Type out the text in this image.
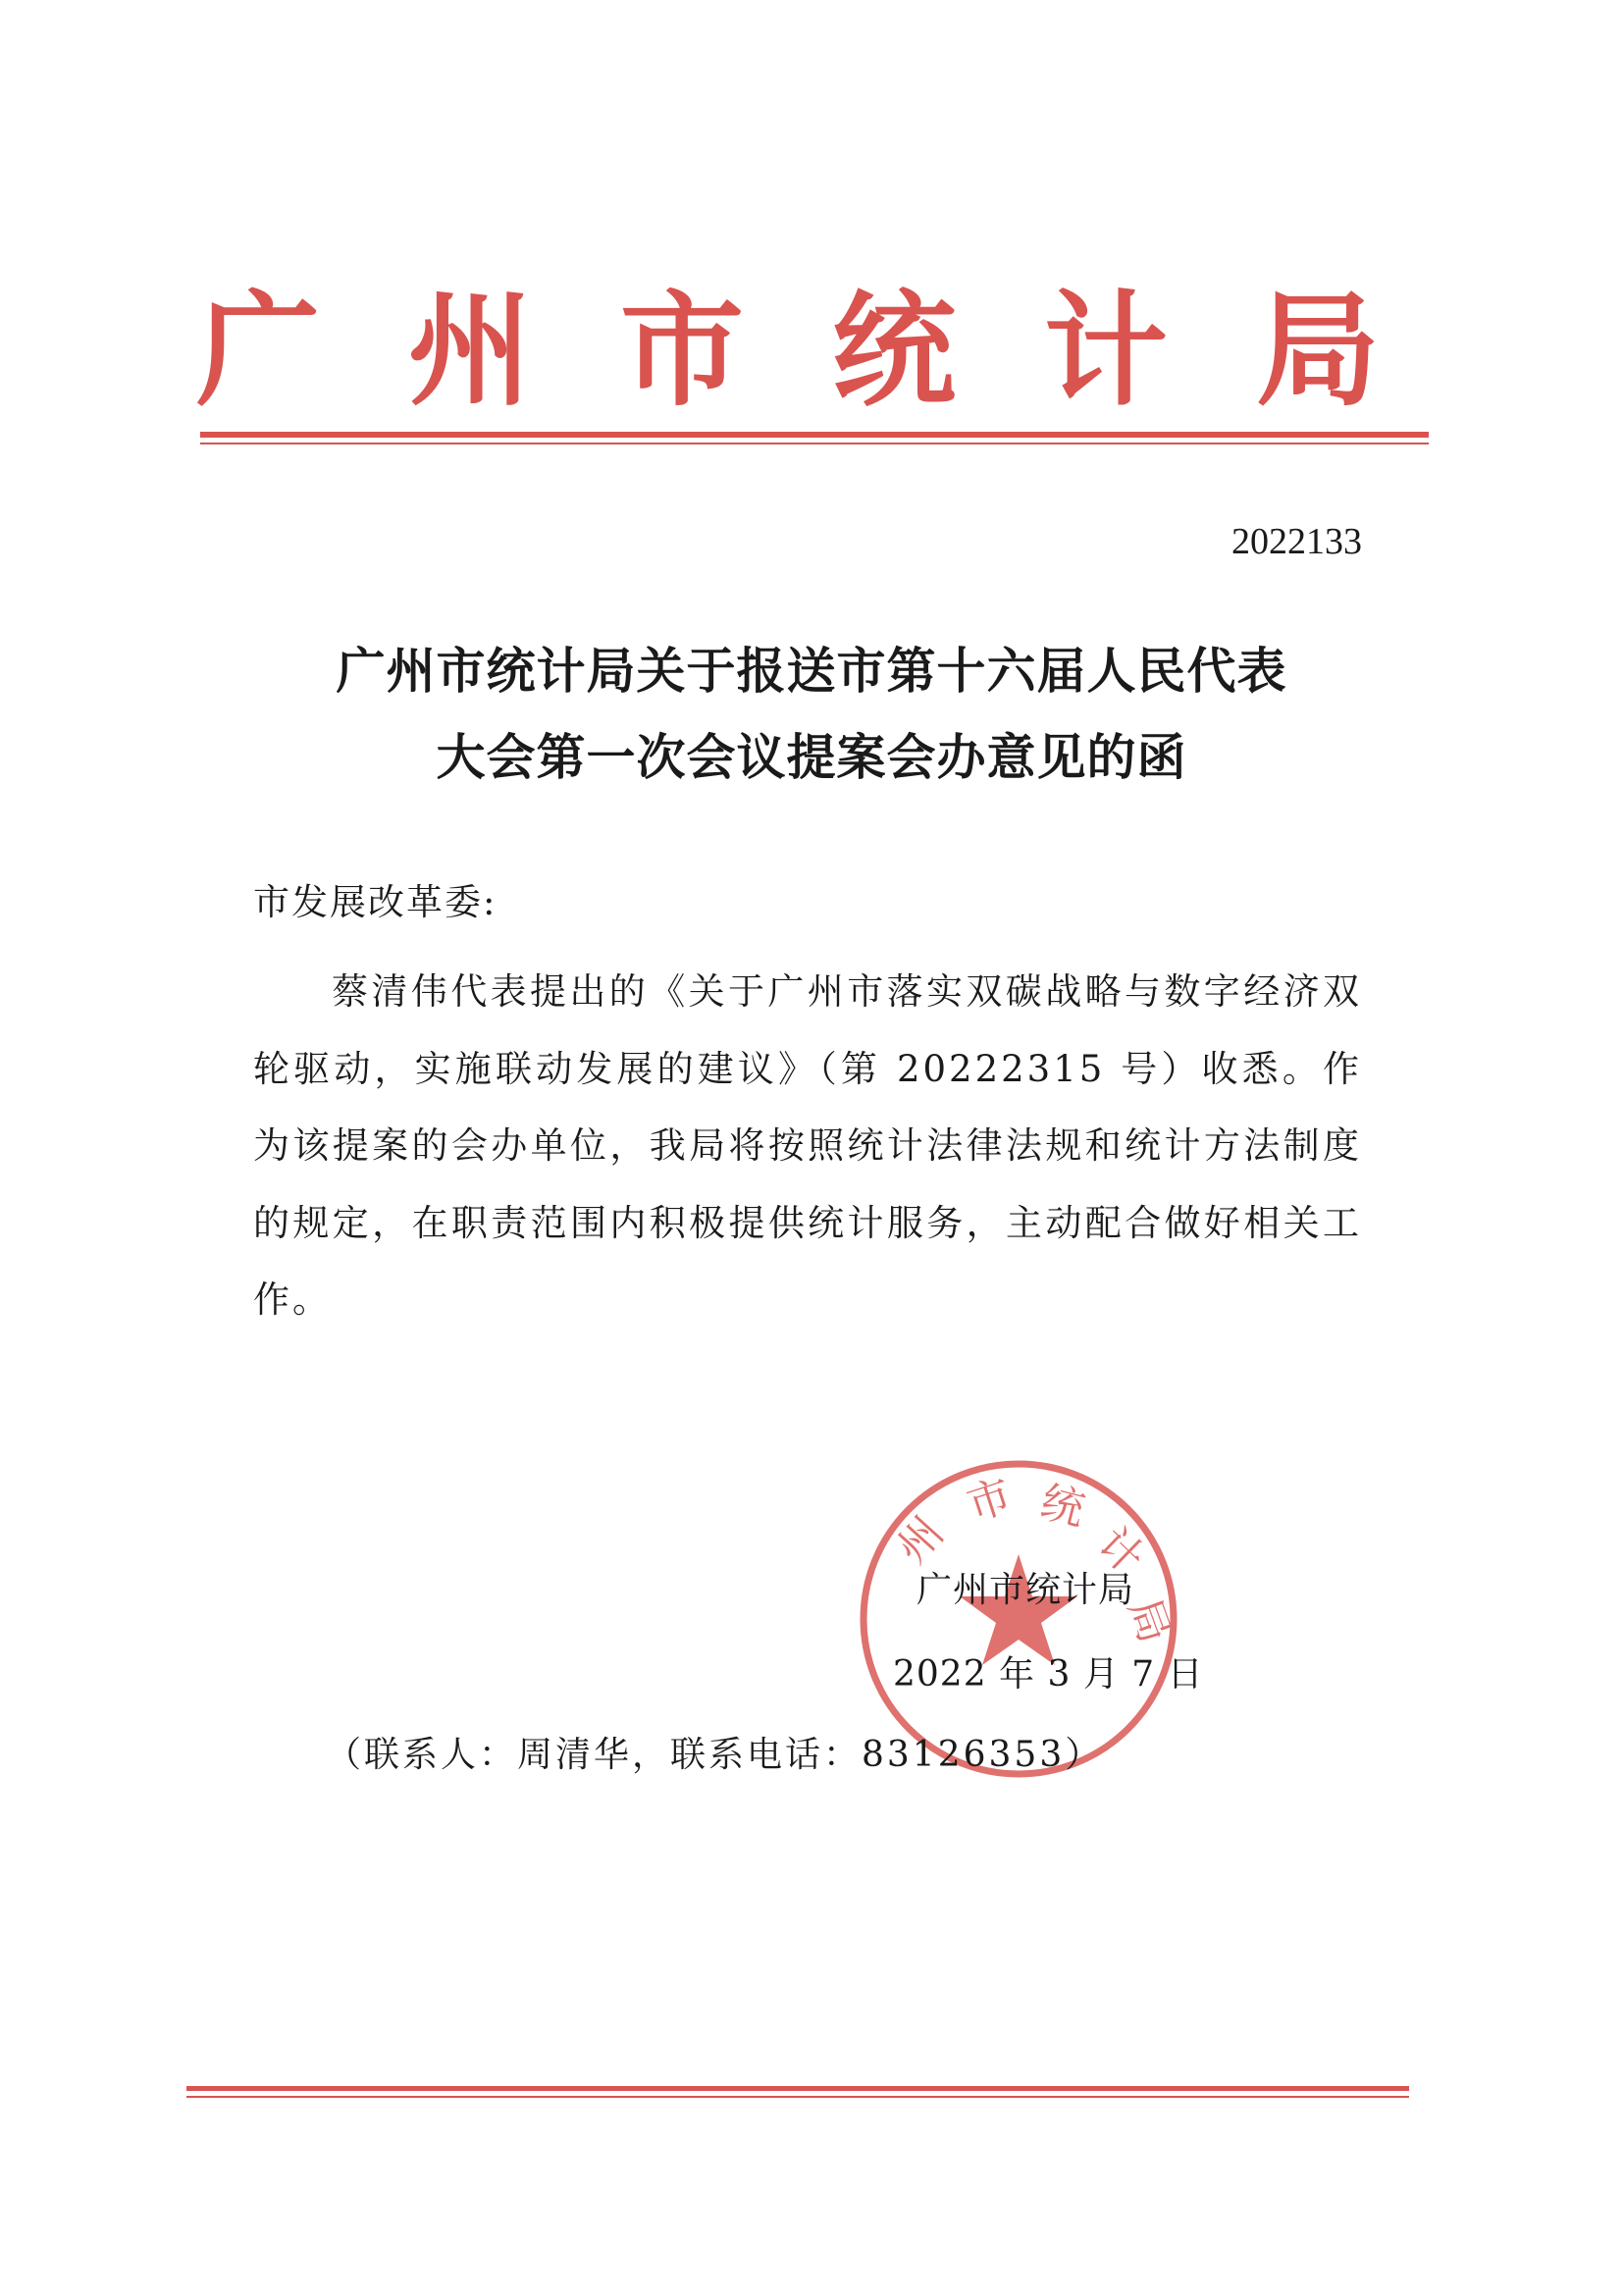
广州市统计局
2022133
广州市统计局关于报送市第十六届人民代表
大会第一次会议提案会办意见的函
市发展改革委:
蔡清伟代表提出的《关于广州市落实双碳战略与数字经济双轮驱动，实施联动发展的建议》（第 20222315 号）收悉。作为该提案的会办单位，我局将按照统计法律法规和统计方法制度的规定，在职责范围内积极提供统计服务，主动配合做好相关工作。
州
市 统
计
局
广州市统计局
2022 年 3 月 7 日
（联系人：周清华，联系电话：83126353）
